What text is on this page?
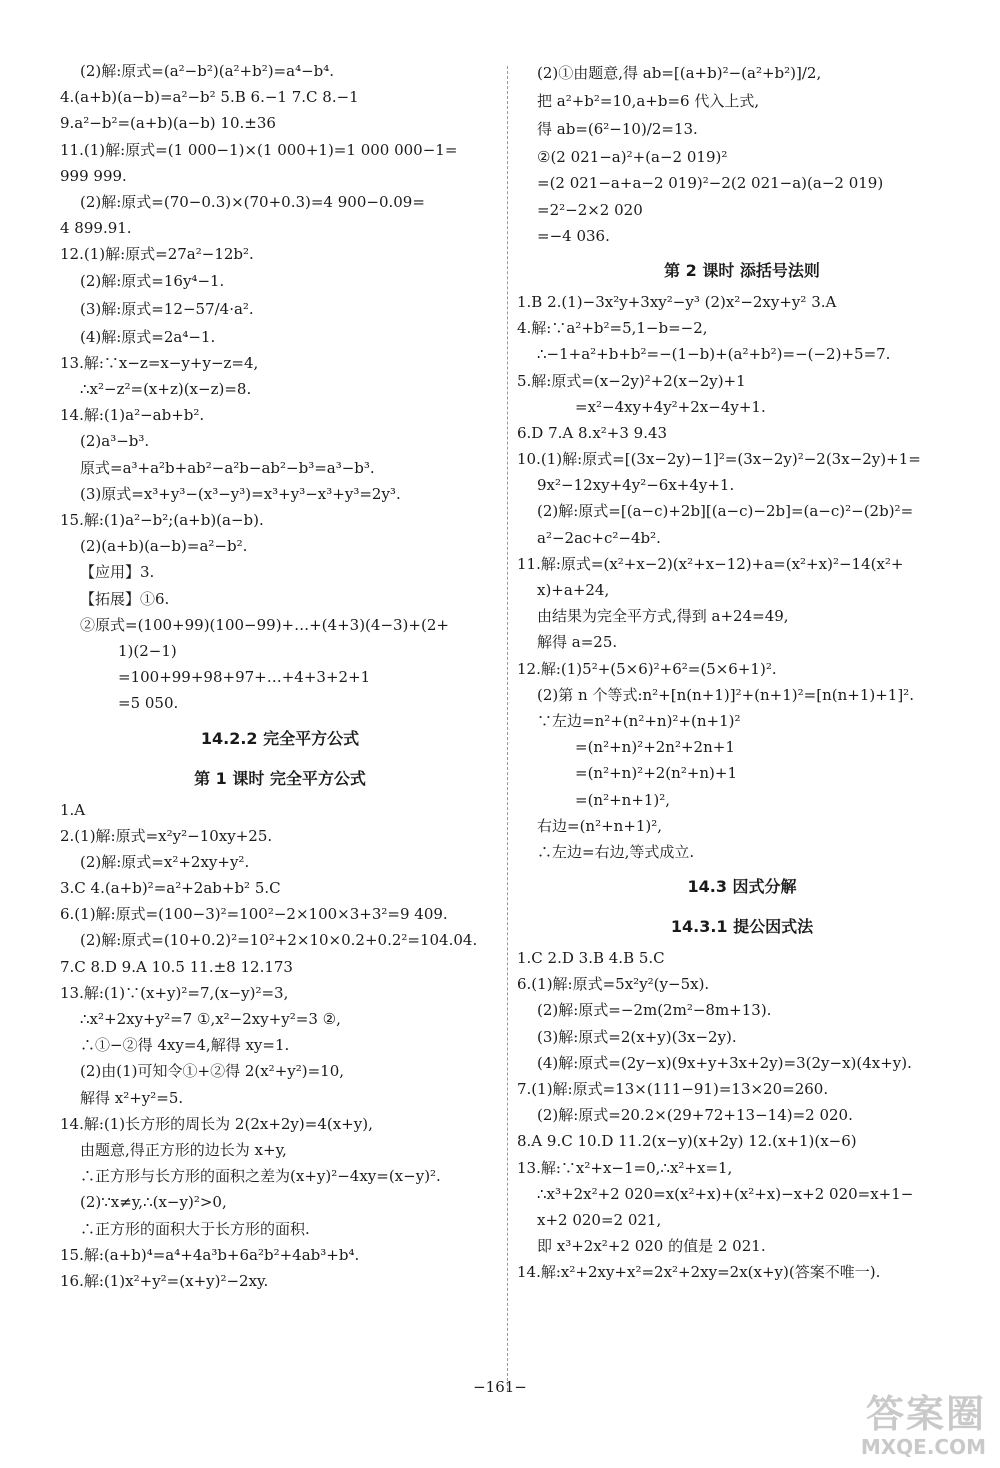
(2)解:原式=(a²−b²)(a²+b²)=a⁴−b⁴.
4.(a+b)(a−b)=a²−b² 5.B 6.−1 7.C 8.−1
9.a²−b²=(a+b)(a−b) 10.±36
11.(1)解:原式=(1 000−1)×(1 000+1)=1 000 000−1=
999 999.
(2)解:原式=(70−0.3)×(70+0.3)=4 900−0.09=
4 899.91.
12.(1)解:原式=27a²−12b².
(2)解:原式=16y⁴−1.
(3)解:原式=12−57/4·a².
(4)解:原式=2a⁴−1.
13.解:∵x−z=x−y+y−z=4,
∴x²−z²=(x+z)(x−z)=8.
14.解:(1)a²−ab+b².
(2)a³−b³.
原式=a³+a²b+ab²−a²b−ab²−b³=a³−b³.
(3)原式=x³+y³−(x³−y³)=x³+y³−x³+y³=2y³.
15.解:(1)a²−b²;(a+b)(a−b).
(2)(a+b)(a−b)=a²−b².
【应用】3.
【拓展】①6.
②原式=(100+99)(100−99)+…+(4+3)(4−3)+(2+
1)(2−1)
=100+99+98+97+…+4+3+2+1
=5 050.
14.2.2 完全平方公式
第 1 课时 完全平方公式
1.A
2.(1)解:原式=x²y²−10xy+25.
(2)解:原式=x²+2xy+y².
3.C 4.(a+b)²=a²+2ab+b² 5.C
6.(1)解:原式=(100−3)²=100²−2×100×3+3²=9 409.
(2)解:原式=(10+0.2)²=10²+2×10×0.2+0.2²=104.04.
7.C 8.D 9.A 10.5 11.±8 12.173
13.解:(1)∵(x+y)²=7,(x−y)²=3,
∴x²+2xy+y²=7 ①,x²−2xy+y²=3 ②,
∴①−②得 4xy=4,解得 xy=1.
(2)由(1)可知令①+②得 2(x²+y²)=10,
解得 x²+y²=5.
14.解:(1)长方形的周长为 2(2x+2y)=4(x+y),
由题意,得正方形的边长为 x+y,
∴正方形与长方形的面积之差为(x+y)²−4xy=(x−y)².
(2)∵x≠y,∴(x−y)²>0,
∴正方形的面积大于长方形的面积.
15.解:(a+b)⁴=a⁴+4a³b+6a²b²+4ab³+b⁴.
16.解:(1)x²+y²=(x+y)²−2xy.
(2)①由题意,得 ab=[(a+b)²−(a²+b²)]/2,
把 a²+b²=10,a+b=6 代入上式,
得 ab=(6²−10)/2=13.
②(2 021−a)²+(a−2 019)²
=(2 021−a+a−2 019)²−2(2 021−a)(a−2 019)
=2²−2×2 020
=−4 036.
第 2 课时 添括号法则
1.B 2.(1)−3x²y+3xy²−y³ (2)x²−2xy+y² 3.A
4.解:∵a²+b²=5,1−b=−2,
∴−1+a²+b+b²=−(1−b)+(a²+b²)=−(−2)+5=7.
5.解:原式=(x−2y)²+2(x−2y)+1
=x²−4xy+4y²+2x−4y+1.
6.D 7.A 8.x²+3 9.43
10.(1)解:原式=[(3x−2y)−1]²=(3x−2y)²−2(3x−2y)+1=
9x²−12xy+4y²−6x+4y+1.
(2)解:原式=[(a−c)+2b][(a−c)−2b]=(a−c)²−(2b)²=
a²−2ac+c²−4b².
11.解:原式=(x²+x−2)(x²+x−12)+a=(x²+x)²−14(x²+
x)+a+24,
由结果为完全平方式,得到 a+24=49,
解得 a=25.
12.解:(1)5²+(5×6)²+6²=(5×6+1)².
(2)第 n 个等式:n²+[n(n+1)]²+(n+1)²=[n(n+1)+1]².
∵左边=n²+(n²+n)²+(n+1)²
=(n²+n)²+2n²+2n+1
=(n²+n)²+2(n²+n)+1
=(n²+n+1)²,
右边=(n²+n+1)²,
∴左边=右边,等式成立.
14.3 因式分解
14.3.1 提公因式法
1.C 2.D 3.B 4.B 5.C
6.(1)解:原式=5x²y²(y−5x).
(2)解:原式=−2m(2m²−8m+13).
(3)解:原式=2(x+y)(3x−2y).
(4)解:原式=(2y−x)(9x+y+3x+2y)=3(2y−x)(4x+y).
7.(1)解:原式=13×(111−91)=13×20=260.
(2)解:原式=20.2×(29+72+13−14)=2 020.
8.A 9.C 10.D 11.2(x−y)(x+2y) 12.(x+1)(x−6)
13.解:∵x²+x−1=0,∴x²+x=1,
∴x³+2x²+2 020=x(x²+x)+(x²+x)−x+2 020=x+1−
x+2 020=2 021,
即 x³+2x²+2 020 的值是 2 021.
14.解:x²+2xy+x²=2x²+2xy=2x(x+y)(答案不唯一).
−161−
答案圈
MXQE.COM
